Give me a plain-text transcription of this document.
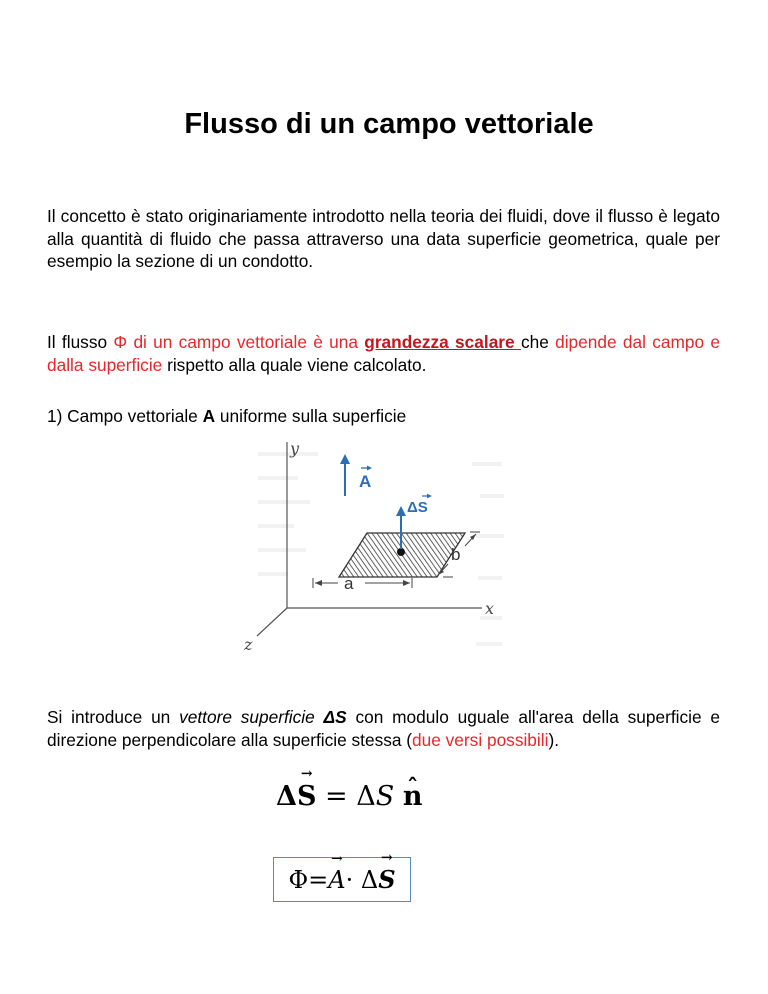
Flusso di un campo vettoriale
Il concetto è stato originariamente introdotto nella teoria dei fluidi, dove il flusso è legato alla quantità di fluido che passa attraverso una data superficie geometrica, quale per esempio la sezione di un condotto.
Il flusso Φ di un campo vettoriale è una grandezza scalare che dipende dal campo e dalla superficie rispetto alla quale viene calcolato.
1) Campo vettoriale A uniforme sulla superficie
y
x
z
A
ΔS
a
b
Si introduce un vettore superficie ΔS con modulo uguale all'area della superficie e direzione perpendicolare alla superficie stessa (due versi possibili).
Δ→ S = ΔS ˆ n
Φ = → A · Δ → S
